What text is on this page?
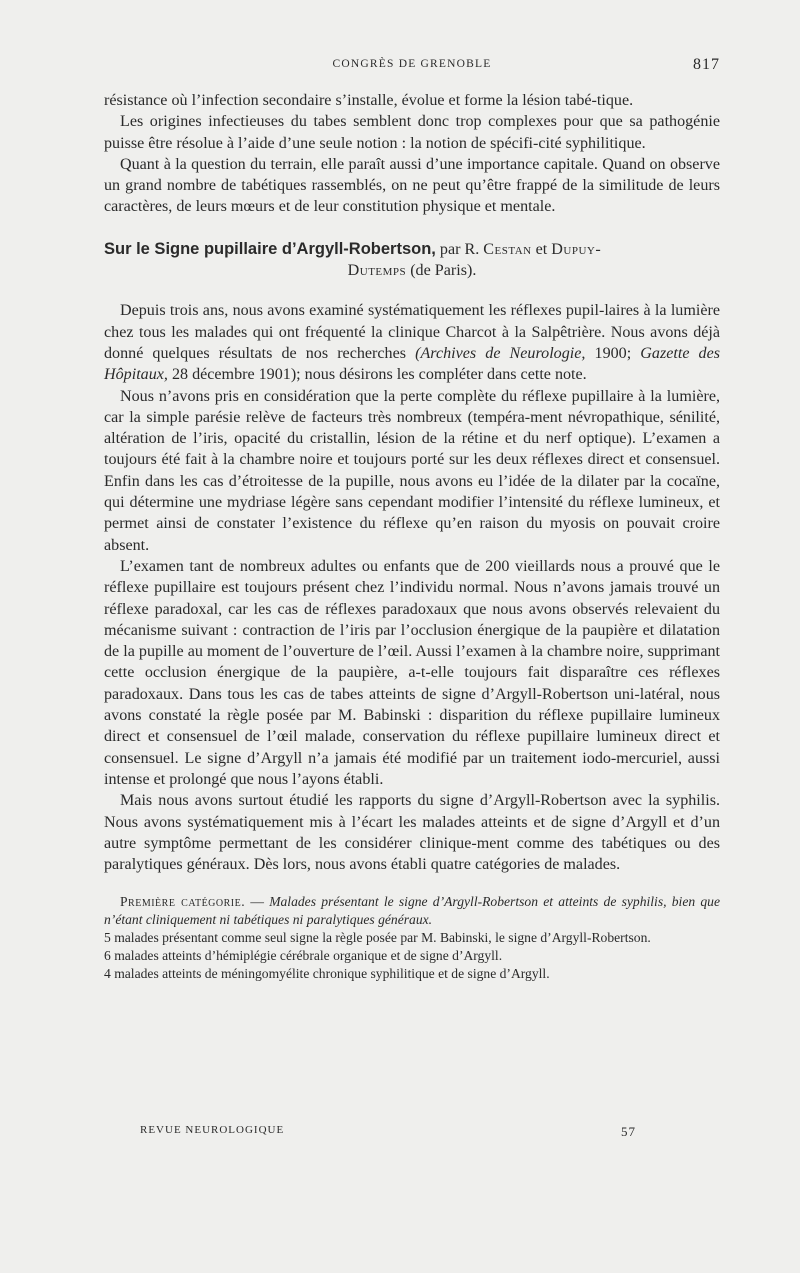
CONGRÈS DE GRENOBLE	817

résistance où l’infection secondaire s’installe, évolue et forme la lésion tabé-tique.

Les origines infectieuses du tabes semblent donc trop complexes pour que sa pathogénie puisse être résolue à l’aide d’une seule notion : la notion de spécifi-cité syphilitique.

Quant à la question du terrain, elle paraît aussi d’une importance capitale. Quand on observe un grand nombre de tabétiques rassemblés, on ne peut qu’être frappé de la similitude de leurs caractères, de leurs mœurs et de leur constitution physique et mentale.

Sur le Signe pupillaire d’Argyll-Robertson, par R. Cestan et Dupuy-

Dutemps (de Paris).

Depuis trois ans, nous avons examiné systématiquement les réflexes pupil-laires à la lumière chez tous les malades qui ont fréquenté la clinique Charcot à la Salpêtrière. Nous avons déjà donné quelques résultats de nos recherches (Archives de Neurologie, 1900; Gazette des Hôpitaux, 28 décembre 1901); nous désirons les compléter dans cette note.

Nous n’avons pris en considération que la perte complète du réflexe pupillaire à la lumière, car la simple parésie relève de facteurs très nombreux (tempéra-ment névropathique, sénilité, altération de l’iris, opacité du cristallin, lésion de la rétine et du nerf optique). L’examen a toujours été fait à la chambre noire et toujours porté sur les deux réflexes direct et consensuel. Enfin dans les cas d’étroitesse de la pupille, nous avons eu l’idée de la dilater par la cocaïne, qui détermine une mydriase légère sans cependant modifier l’intensité du réflexe lumineux, et permet ainsi de constater l’existence du réflexe qu’en raison du myosis on pouvait croire absent.

L’examen tant de nombreux adultes ou enfants que de 200 vieillards nous a prouvé que le réflexe pupillaire est toujours présent chez l’individu normal. Nous n’avons jamais trouvé un réflexe paradoxal, car les cas de réflexes paradoxaux que nous avons observés relevaient du mécanisme suivant : contraction de l’iris par l’occlusion énergique de la paupière et dilatation de la pupille au moment de l’ouverture de l’œil. Aussi l’examen à la chambre noire, supprimant cette occlusion énergique de la paupière, a-t-elle toujours fait disparaître ces réflexes paradoxaux. Dans tous les cas de tabes atteints de signe d’Argyll-Robertson uni-latéral, nous avons constaté la règle posée par M. Babinski : disparition du réflexe pupillaire lumineux direct et consensuel de l’œil malade, conservation du réflexe pupillaire lumineux direct et consensuel. Le signe d’Argyll n’a jamais été modifié par un traitement iodo-mercuriel, aussi intense et prolongé que nous l’ayons établi.

Mais nous avons surtout étudié les rapports du signe d’Argyll-Robertson avec la syphilis. Nous avons systématiquement mis à l’écart les malades atteints et de signe d’Argyll et d’un autre symptôme permettant de les considérer clinique-ment comme des tabétiques ou des paralytiques généraux. Dès lors, nous avons établi quatre catégories de malades.

Première catégorie. — Malades présentant le signe d’Argyll-Robertson et atteints de syphilis, bien que n’étant cliniquement ni tabétiques ni paralytiques généraux.

5 malades présentant comme seul signe la règle posée par M. Babinski, le signe d’Argyll-Robertson.

6 malades atteints d’hémiplégie cérébrale organique et de signe d’Argyll.

4 malades atteints de méningomyélite chronique syphilitique et de signe d’Argyll.

REVUE NEUROLOGIQUE	57
